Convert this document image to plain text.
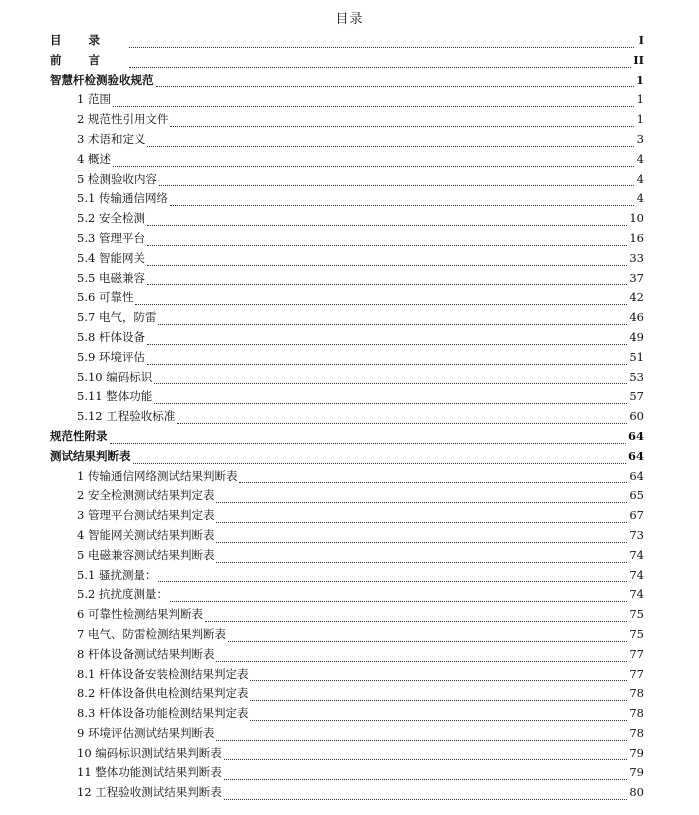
目录
目录	I
前言	II
智慧杆检测验收规范	1
1 范围	1
2 规范性引用文件	1
3 术语和定义	3
4 概述	4
5 检测验收内容	4
5.1 传输通信网络	4
5.2 安全检测	10
5.3 管理平台	16
5.4 智能网关	33
5.5 电磁兼容	37
5.6 可靠性	42
5.7 电气，防雷	46
5.8 杆体设备	49
5.9 环境评估	51
5.10 编码标识	53
5.11 整体功能	57
5.12 工程验收标准	60
规范性附录	64
测试结果判断表	64
1 传输通信网络测试结果判断表	64
2 安全检测测试结果判定表	65
3 管理平台测试结果判定表	67
4 智能网关测试结果判断表	73
5 电磁兼容测试结果判断表	74
5.1 骚扰测量：	74
5.2 抗扰度测量：	74
6 可靠性检测结果判断表	75
7 电气、防雷检测结果判断表	75
8 杆体设备测试结果判断表	77
8.1 杆体设备安装检测结果判定表	77
8.2 杆体设备供电检测结果判定表	78
8.3 杆体设备功能检测结果判定表	78
9 环境评估测试结果判断表	78
10 编码标识测试结果判断表	79
11 整体功能测试结果判断表	79
12 工程验收测试结果判断表	80
